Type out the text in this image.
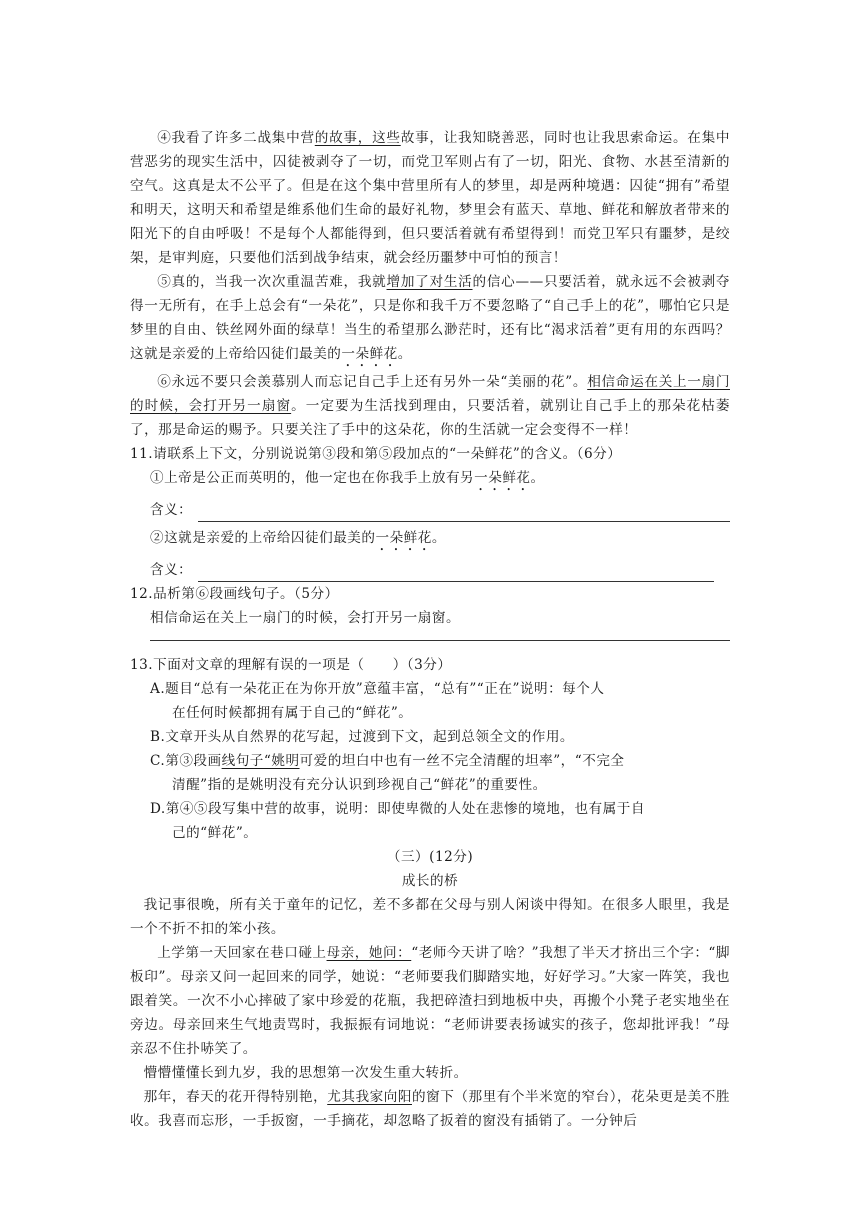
④我看了许多二战集中营的故事，这些故事，让我知晓善恶，同时也让我思索命运。在集中营恶劣的现实生活中，囚徒被剥夺了一切，而党卫军则占有了一切，阳光、食物、水甚至清新的空气。这真是太不公平了。但是在这个集中营里所有人的梦里，却是两种境遇：囚徒“拥有”希望和明天，这明天和希望是维系他们生命的最好礼物，梦里会有蓝天、草地、鲜花和解放者带来的阳光下的自由呼吸！不是每个人都能得到，但只要活着就有希望得到！而党卫军只有噩梦，是绞架，是审判庭，只要他们活到战争结束，就会经历噩梦中可怕的预言！

⑤真的，当我一次次重温苦难，我就增加了对生活的信心——只要活着，就永远不会被剥夺得一无所有，在手上总会有“一朵花”，只是你和我千万不要忽略了“自己手上的花”，哪怕它只是梦里的自由、铁丝网外面的绿草！当生的希望那么渺茫时，还有比“渴求活着”更有用的东西吗？这就是亲爱的上帝给囚徒们最美的一朵鲜花。

⑥永远不要只会羡慕别人而忘记自己手上还有另外一朵“美丽的花”。相信命运在关上一扇门的时候，会打开另一扇窗。一定要为生活找到理由，只要活着，就别让自己手上的那朵花枯萎了，那是命运的赐予。只要关注了手中的这朵花，你的生活就一定会变得不一样！

11.请联系上下文，分别说说第③段和第⑤段加点的“一朵鲜花”的含义。（6分）

①上帝是公正而英明的，他一定也在你我手上放有另一朵鲜花。

含义：

②这就是亲爱的上帝给囚徒们最美的一朵鲜花。

含义：

12.品析第⑥段画线句子。（5分）

相信命运在关上一扇门的时候，会打开另一扇窗。

13.下面对文章的理解有误的一项是（　　）（3分）

A.题目“总有一朵花正在为你开放”意蕴丰富，“总有”“正在”说明：每个人

在任何时候都拥有属于自己的“鲜花”。

B.文章开头从自然界的花写起，过渡到下文，起到总领全文的作用。

C.第③段画线句子“姚明可爱的坦白中也有一丝不完全清醒的坦率”，“不完全

清醒”指的是姚明没有充分认识到珍视自己“鲜花”的重要性。

D.第④⑤段写集中营的故事，说明：即使卑微的人处在悲惨的境地，也有属于自

己的“鲜花”。

（三）(12分)

成长的桥

我记事很晚，所有关于童年的记忆，差不多都在父母与别人闲谈中得知。在很多人眼里，我是一个不折不扣的笨小孩。

上学第一天回家在巷口碰上母亲，她问：“老师今天讲了啥？”我想了半天才挤出三个字：“脚板印”。母亲又问一起回来的同学，她说：“老师要我们脚踏实地，好好学习。”大家一阵笑，我也跟着笑。一次不小心摔破了家中珍爱的花瓶，我把碎渣扫到地板中央，再搬个小凳子老实地坐在旁边。母亲回来生气地责骂时，我振振有词地说：“老师讲要表扬诚实的孩子，您却批评我！”母亲忍不住扑哧笑了。

懵懵懂懂长到九岁，我的思想第一次发生重大转折。

那年，春天的花开得特别艳，尤其我家向阳的窗下（那里有个半米宽的窄台），花朵更是美不胜收。我喜而忘形，一手扳窗，一手摘花，却忽略了扳着的窗没有插销了。一分钟后
